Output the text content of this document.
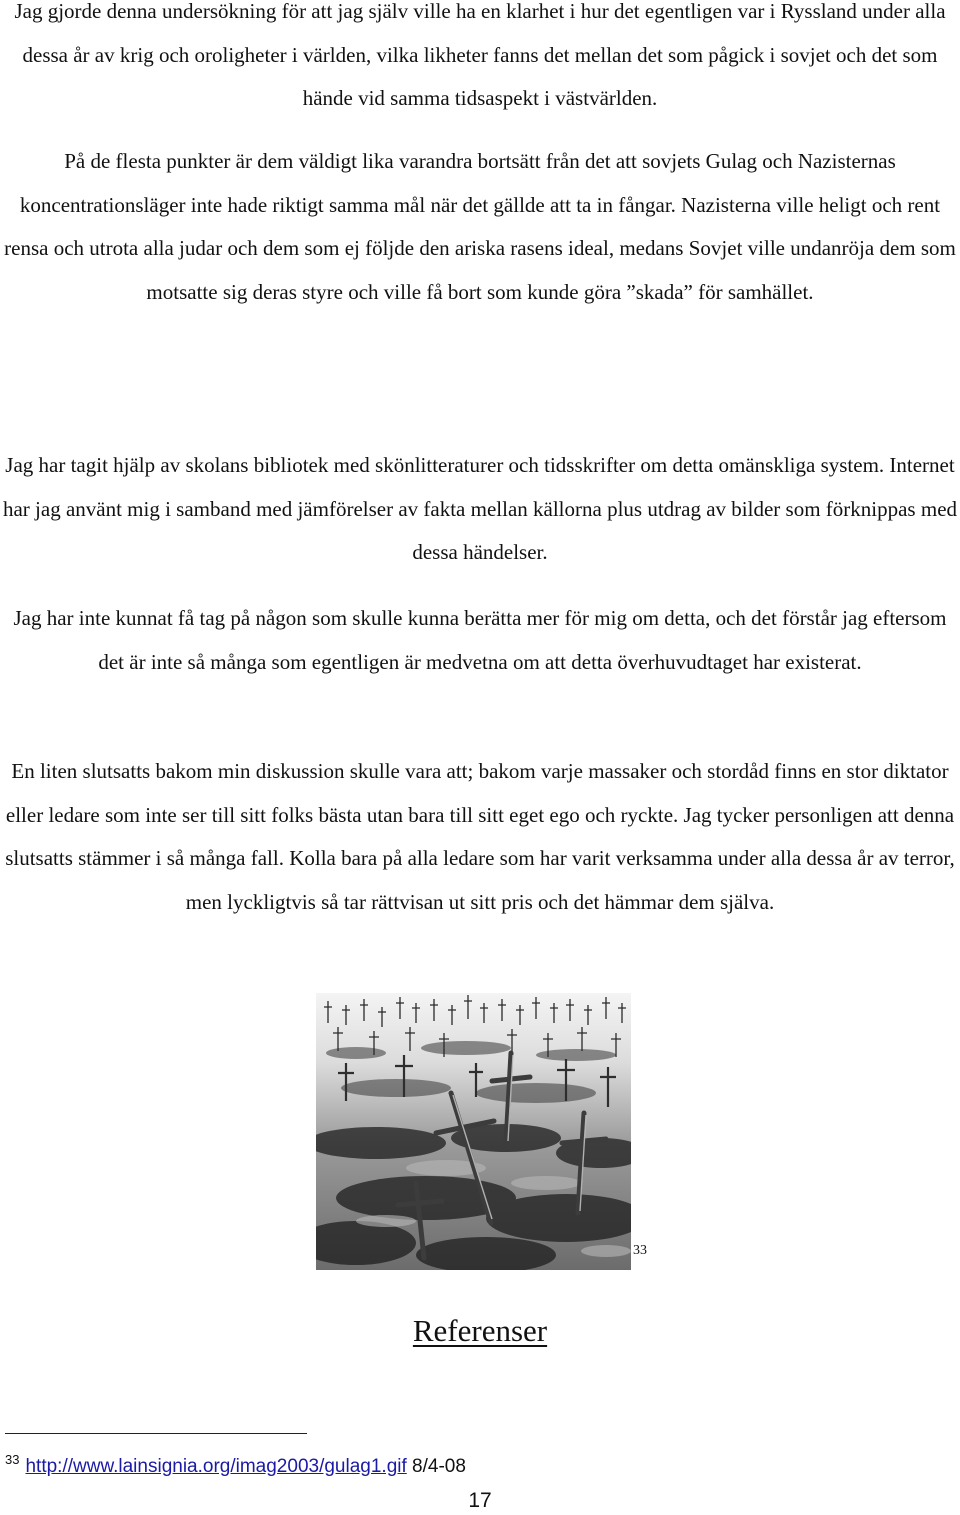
Jag gjorde denna undersökning för att jag själv ville ha en klarhet i hur det egentligen var i Ryssland under alla dessa år av krig och oroligheter i världen, vilka likheter fanns det mellan det som pågick i sovjet och det som hände vid samma tidsaspekt i västvärlden.

På de flesta punkter är dem väldigt lika varandra bortsätt från det att sovjets Gulag och Nazisternas koncentrationsläger inte hade riktigt samma mål när det gällde att ta in fångar. Nazisterna ville heligt och rent rensa och utrota alla judar och dem som ej följde den ariska rasens ideal, medans Sovjet ville undanröja dem som motsatte sig deras styre och ville få bort som kunde göra ”skada” för samhället.

Jag har tagit hjälp av skolans bibliotek med skönlitteraturer och tidsskrifter om detta omänskliga system. Internet har jag använt mig i samband med jämförelser av fakta mellan källorna plus utdrag av bilder som förknippas med dessa händelser.

Jag har inte kunnat få tag på någon som skulle kunna berätta mer för mig om detta, och det förstår jag eftersom det är inte så många som egentligen är medvetna om att detta överhuvudtaget har existerat.

En liten slutsatts bakom min diskussion skulle vara att; bakom varje massaker och stordåd finns en stor diktator eller ledare som inte ser till sitt folks bästa utan bara till sitt eget ego och ryckte. Jag tycker personligen att denna slutsatts stämmer i så många fall. Kolla bara på alla ledare som har varit verksamma under alla dessa år av terror, men lyckligtvis så tar rättvisan ut sitt pris och det hämmar dem själva.

33
Referenser
$^{33}$ http://www.lainsignia.org/imag2003/gulag1.gif 8/4-08
17
